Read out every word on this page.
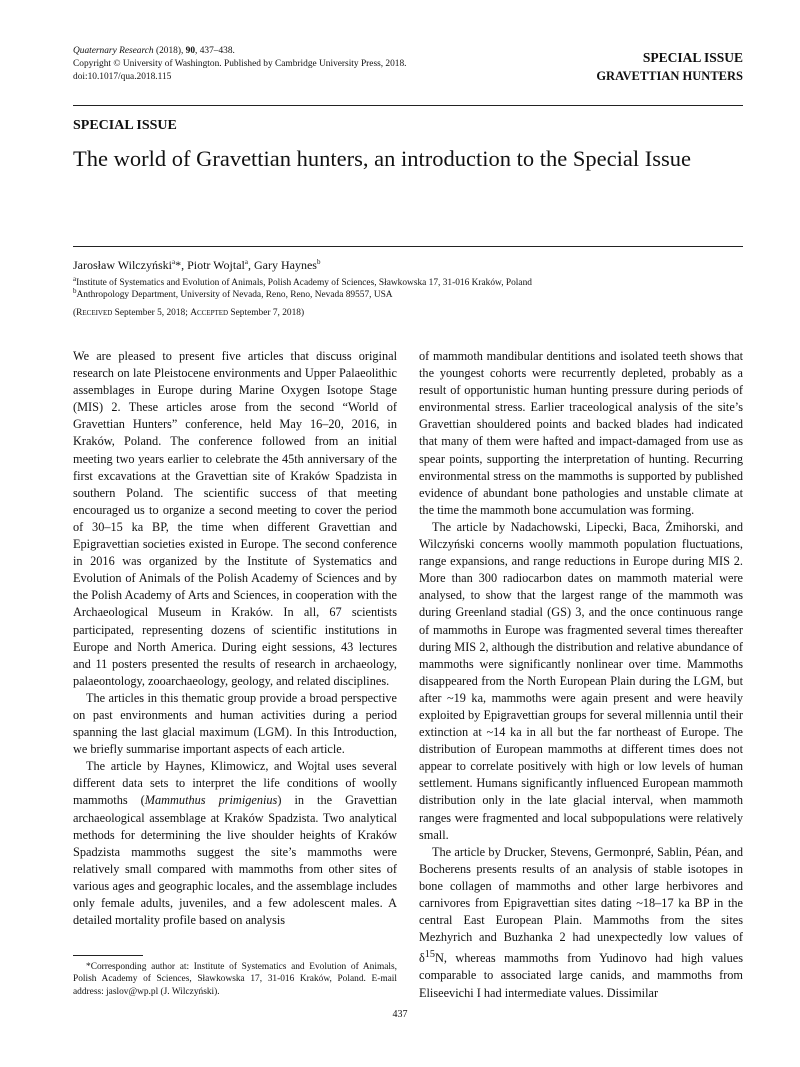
Quaternary Research (2018), 90, 437–438.
Copyright © University of Washington. Published by Cambridge University Press, 2018.
doi:10.1017/qua.2018.115
SPECIAL ISSUE
GRAVETTIAN HUNTERS
SPECIAL ISSUE
The world of Gravettian hunters, an introduction to the Special Issue
Jarosław Wilczyński$^a$*, Piotr Wojtal$^a$, Gary Haynes$^b$
$^a$Institute of Systematics and Evolution of Animals, Polish Academy of Sciences, Sławkowska 17, 31-016 Kraków, Poland
$^b$Anthropology Department, University of Nevada, Reno, Reno, Nevada 89557, USA
(Received September 5, 2018; Accepted September 7, 2018)

We are pleased to present five articles that discuss original research on late Pleistocene environments and Upper Palaeolithic assemblages in Europe during Marine Oxygen Isotope Stage (MIS) 2. These articles arose from the second “World of Gravettian Hunters” conference, held May 16–20, 2016, in Kraków, Poland. The conference followed from an initial meeting two years earlier to celebrate the 45th anniversary of the first excavations at the Gravettian site of Kraków Spadzista in southern Poland. The scientific success of that meeting encouraged us to organize a second meeting to cover the period of 30–15 ka BP, the time when different Gravettian and Epigravettian societies existed in Europe. The second conference in 2016 was organized by the Institute of Systematics and Evolution of Animals of the Polish Academy of Sciences and by the Polish Academy of Arts and Sciences, in cooperation with the Archaeological Museum in Kraków. In all, 67 scientists participated, representing dozens of scientific institutions in Europe and North America. During eight sessions, 43 lectures and 11 posters presented the results of research in archaeology, palaeontology, zooarchaeology, geology, and related disciplines.

The articles in this thematic group provide a broad perspective on past environments and human activities during a period spanning the last glacial maximum (LGM). In this Introduction, we briefly summarise important aspects of each article.

The article by Haynes, Klimowicz, and Wojtal uses several different data sets to interpret the life conditions of woolly mammoths (Mammuthus primigenius) in the Gravettian archaeological assemblage at Kraków Spadzista. Two analytical methods for determining the live shoulder heights of Kraków Spadzista mammoths suggest the site’s mammoths were relatively small compared with mammoths from other sites of various ages and geographic locales, and the assemblage includes only female adults, juveniles, and a few adolescent males. A detailed mortality profile based on analysis

of mammoth mandibular dentitions and isolated teeth shows that the youngest cohorts were recurrently depleted, probably as a result of opportunistic human hunting pressure during periods of environmental stress. Earlier traceological analysis of the site’s Gravettian shouldered points and backed blades had indicated that many of them were hafted and impact-damaged from use as spear points, supporting the interpretation of hunting. Recurring environmental stress on the mammoths is supported by published evidence of abundant bone pathologies and unstable climate at the time the mammoth bone accumulation was forming.

The article by Nadachowski, Lipecki, Baca, Żmihorski, and Wilczyński concerns woolly mammoth population fluctuations, range expansions, and range reductions in Europe during MIS 2. More than 300 radiocarbon dates on mammoth material were analysed, to show that the largest range of the mammoth was during Greenland stadial (GS) 3, and the once continuous range of mammoths in Europe was fragmented several times thereafter during MIS 2, although the distribution and relative abundance of mammoths were significantly nonlinear over time. Mammoths disappeared from the North European Plain during the LGM, but after ~19 ka, mammoths were again present and were heavily exploited by Epigravettian groups for several millennia until their extinction at ~14 ka in all but the far northeast of Europe. The distribution of European mammoths at different times does not appear to correlate positively with high or low levels of human settlement. Humans significantly influenced European mammoth distribution only in the late glacial interval, when mammoth ranges were fragmented and local subpopulations were relatively small.

The article by Drucker, Stevens, Germonpré, Sablin, Péan, and Bocherens presents results of an analysis of stable isotopes in bone collagen of mammoths and other large herbivores and carnivores from Epigravettian sites dating ~18–17 ka BP in the central East European Plain. Mammoths from the sites Mezhyrich and Buzhanka 2 had unexpectedly low values of $\delta^{15}N$, whereas mammoths from Yudinovo had high values comparable to associated large canids, and mammoths from Eliseevichi I had intermediate values. Dissimilar

*Corresponding author at: Institute of Systematics and Evolution of Animals, Polish Academy of Sciences, Sławkowska 17, 31-016 Kraków, Poland. E-mail address: jaslov@wp.pl (J. Wilczyński).
437
